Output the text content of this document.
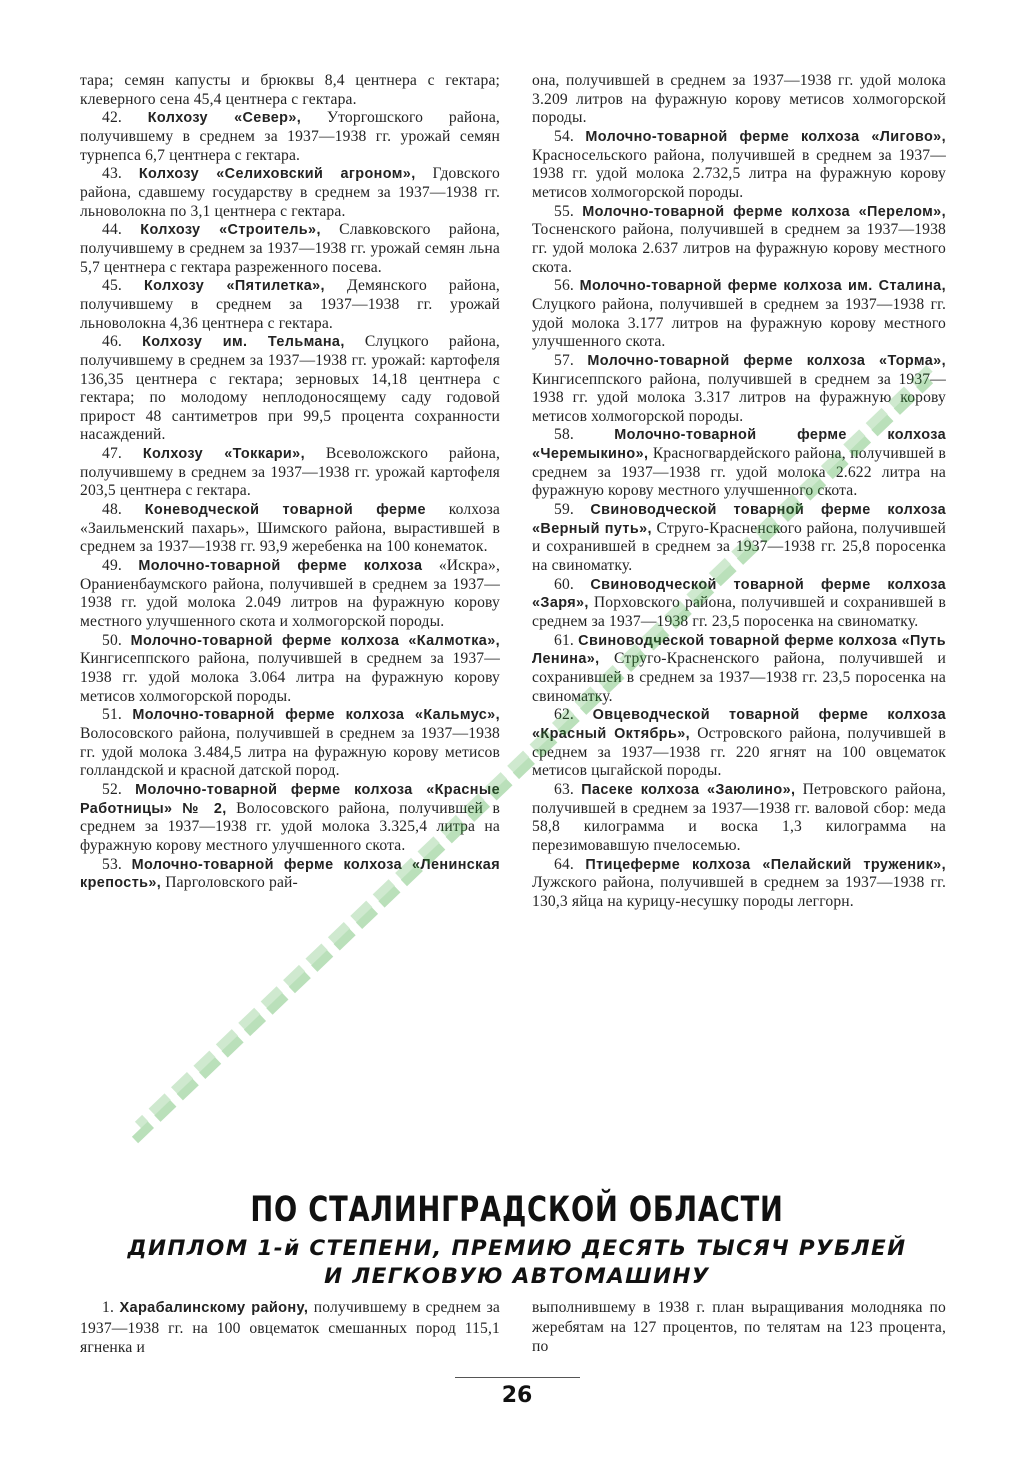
тара; семян капусты и брюквы 8,4 центнера с гектара; клеверного сена 45,4 центнера с гектара.

42. Колхозу «Север», Уторгошского района, получившему в среднем за 1937—1938 гг. урожай семян турнепса 6,7 центнера с гектара.

43. Колхозу «Селиховский агроном», Гдовского района, сдавшему государству в среднем за 1937—1938 гг. льноволокна по 3,1 центнера с гектара.

44. Колхозу «Строитель», Славковского района, получившему в среднем за 1937—1938 гг. урожай семян льна 5,7 центнера с гектара разреженного посева.

45. Колхозу «Пятилетка», Демянского района, получившему в среднем за 1937—1938 гг. урожай льноволокна 4,36 центнера с гектара.

46. Колхозу им. Тельмана, Слуцкого района, получившему в среднем за 1937—1938 гг. урожай: картофеля 136,35 центнера с гектара; зерновых 14,18 центнера с гектара; по молодому неплодоносящему саду годовой прирост 48 сантиметров при 99,5 процента сохранности насаждений.

47. Колхозу «Токкари», Всеволожского района, получившему в среднем за 1937—1938 гг. урожай картофеля 203,5 центнера с гектара.

48. Коневодческой товарной ферме колхоза «Заильменский пахарь», Шимского района, вырастившей в среднем за 1937—1938 гг. 93,9 жеребенка на 100 конематок.

49. Молочно-товарной ферме колхоза «Искра», Ораниенбаумского района, получившей в среднем за 1937—1938 гг. удой молока 2.049 литров на фуражную корову местного улучшенного скота и холмогорской породы.

50. Молочно-товарной ферме колхоза «Калмотка», Кингисеппского района, получившей в среднем за 1937—1938 гг. удой молока 3.064 литра на фуражную корову метисов холмогорской породы.

51. Молочно-товарной ферме колхоза «Кальмус», Волосовского района, получившей в среднем за 1937—1938 гг. удой молока 3.484,5 литра на фуражную корову метисов голландской и красной датской пород.

52. Молочно-товарной ферме колхоза «Красные Работницы» № 2, Волосовского района, получившей в среднем за 1937—1938 гг. удой молока 3.325,4 литра на фуражную корову местного улучшенного скота.

53. Молочно-товарной ферме колхоза «Ленинская крепость», Парголовского рай-

она, получившей в среднем за 1937—1938 гг. удой молока 3.209 литров на фуражную корову метисов холмогорской породы.

54. Молочно-товарной ферме колхоза «Лигово», Красносельского района, получившей в среднем за 1937—1938 гг. удой молока 2.732,5 литра на фуражную корову метисов холмогорской породы.

55. Молочно-товарной ферме колхоза «Перелом», Тосненского района, получившей в среднем за 1937—1938 гг. удой молока 2.637 литров на фуражную корову местного скота.

56. Молочно-товарной ферме колхоза им. Сталина, Слуцкого района, получившей в среднем за 1937—1938 гг. удой молока 3.177 литров на фуражную корову местного улучшенного скота.

57. Молочно-товарной ферме колхоза «Торма», Кингисеппского района, получившей в среднем за 1937—1938 гг. удой молока 3.317 литров на фуражную корову метисов холмогорской породы.

58.	Молочно-товарной ферме колхоза «Черемыкино», Красногвардейского района, получившей в среднем за 1937—1938 гг. удой молока 2.622 литра на фуражную корову местного улучшенного скота.

59. Свиноводческой товарной ферме колхоза «Верный путь», Струго-Красненского района, получившей и сохранившей в среднем за 1937—1938 гг. 25,8 поросенка на свиноматку.

60. Свиноводческой товарной ферме колхоза «Заря», Порховского района, получившей и сохранившей в среднем за 1937—1938 гг. 23,5 поросенка на свиноматку.

61. Свиноводческой товарной ферме колхоза «Путь Ленина», Струго-Красненского района, получившей и сохранившей в среднем за 1937—1938 гг. 23,5 поросенка на свиноматку.

62. Овцеводческой товарной ферме колхоза «Красный Октябрь», Островского района, получившей в среднем за 1937—1938 гг. 220 ягнят на 100 овцематок метисов цыгайской породы.

63. Пасеке колхоза «Заюлино», Петровского района, получившей в среднем за 1937—1938 гг. валовой сбор: меда 58,8 килограмма и воска 1,3 килограмма на перезимовавшую пчелосемью.

64. Птицеферме колхоза «Пелайский труженик», Лужского района, получившей в среднем за 1937—1938 гг. 130,3 яйца на курицу-несушку породы леггорн.

ПО СТАЛИНГРАДСКОЙ ОБЛАСТИ
ДИПЛОМ 1-й СТЕПЕНИ, ПРЕМИЮ ДЕСЯТЬ ТЫСЯЧ РУБЛЕЙ
И ЛЕГКОВУЮ АВТОМАШИНУ

1. Харабалинскому району, получившему в среднем за 1937—1938 гг. на 100 овцематок смешанных пород 115,1 ягненка и

выполнившему в 1938 г. план выращивания молодняка по жеребятам на 127 процентов, по телятам на 123 процента, по

26
